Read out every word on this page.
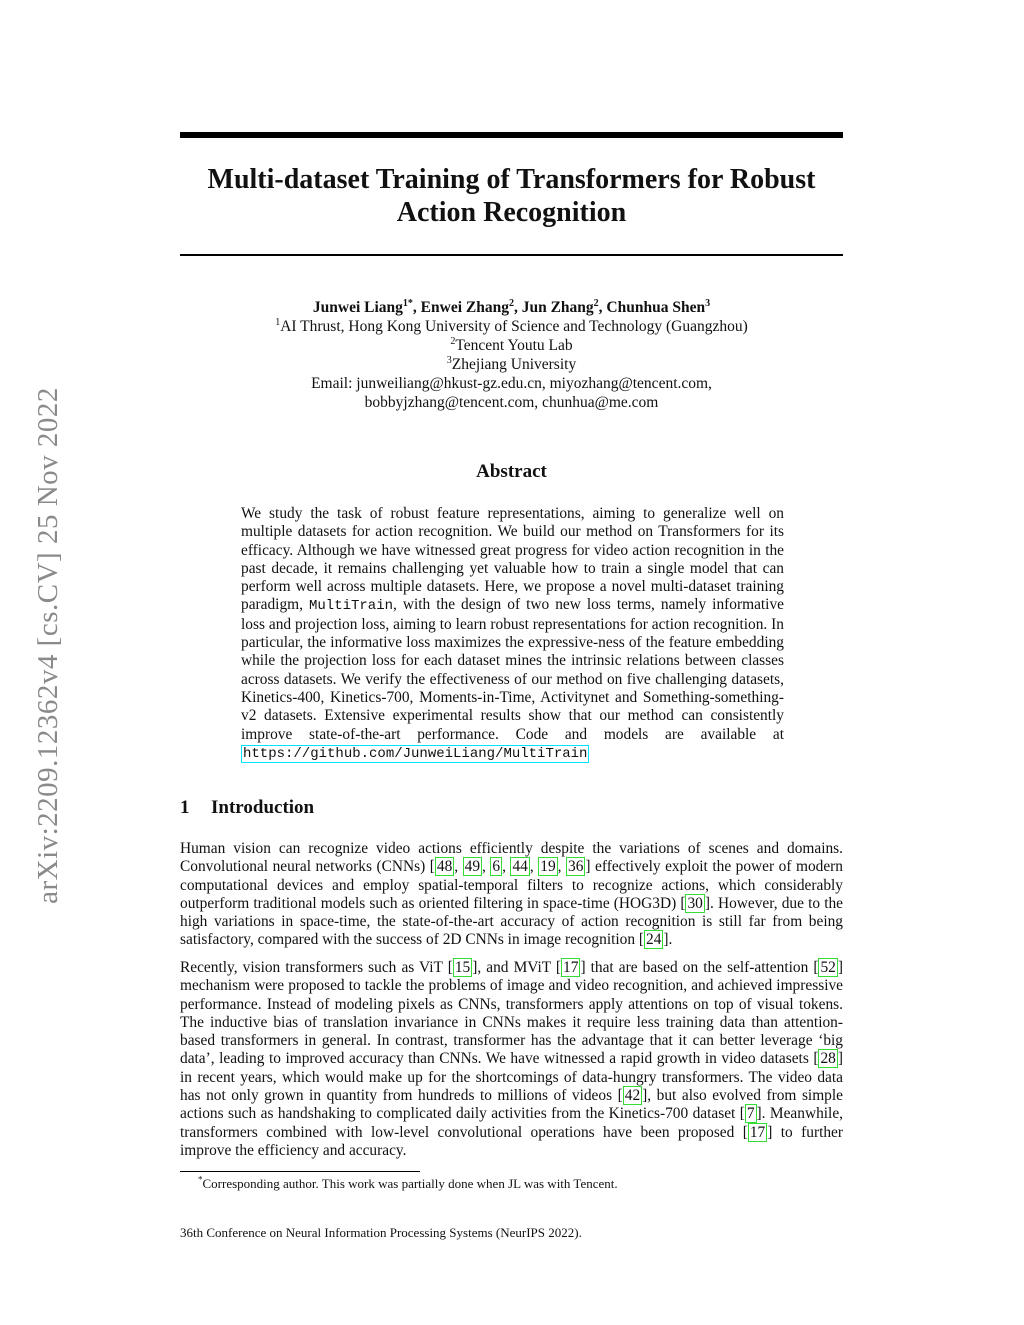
arXiv:2209.12362v4 [cs.CV] 25 Nov 2022
Multi-dataset Training of Transformers for Robust
Action Recognition
Junwei Liang$^{1*}$, Enwei Zhang$^2$, Jun Zhang$^2$, Chunhua Shen$^3$
$^1$AI Thrust, Hong Kong University of Science and Technology (Guangzhou)
$^2$Tencent Youtu Lab
$^3$Zhejiang University
Email: junweiliang@hkust-gz.edu.cn, miyozhang@tencent.com,
bobbyjzhang@tencent.com, chunhua@me.com
Abstract

We study the task of robust feature representations, aiming to generalize well on multiple datasets for action recognition. We build our method on Transformers for its efficacy. Although we have witnessed great progress for video action recognition in the past decade, it remains challenging yet valuable how to train a single model that can perform well across multiple datasets. Here, we propose a novel multi-dataset training paradigm, MultiTrain, with the design of two new loss terms, namely informative loss and projection loss, aiming to learn robust representations for action recognition. In particular, the informative loss maximizes the expressive-ness of the feature embedding while the projection loss for each dataset mines the intrinsic relations between classes across datasets. We verify the effectiveness of our method on five challenging datasets, Kinetics-400, Kinetics-700, Moments-in-Time, Activitynet and Something-something-v2 datasets. Extensive experimental results show that our method can consistently improve state-of-the-art performance. Code and models are available at https://github.com/JunweiLiang/MultiTrain

1 Introduction

Human vision can recognize video actions efficiently despite the variations of scenes and domains. Convolutional neural networks (CNNs) [ 48 , 49 , 6 , 44 , 19 , 36 ] effectively exploit the power of modern computational devices and employ spatial-temporal filters to recognize actions, which considerably outperform traditional models such as oriented filtering in space-time (HOG3D) [ 30 ]. However, due to the high variations in space-time, the state-of-the-art accuracy of action recognition is still far from being satisfactory, compared with the success of 2D CNNs in image recognition [ 24 ].

Recently, vision transformers such as ViT [ 15 ], and MViT [ 17 ] that are based on the self-attention [ 52 ] mechanism were proposed to tackle the problems of image and video recognition, and achieved impressive performance. Instead of modeling pixels as CNNs, transformers apply attentions on top of visual tokens. The inductive bias of translation invariance in CNNs makes it require less training data than attention-based transformers in general. In contrast, transformer has the advantage that it can better leverage ‘big data’, leading to improved accuracy than CNNs. We have witnessed a rapid growth in video datasets [ 28 ] in recent years, which would make up for the shortcomings of data-hungry transformers. The video data has not only grown in quantity from hundreds to millions of videos [ 42 ], but also evolved from simple actions such as handshaking to complicated daily activities from the Kinetics-700 dataset [ 7 ]. Meanwhile, transformers combined with low-level convolutional operations have been proposed [ 17 ] to further improve the efficiency and accuracy.

*Corresponding author. This work was partially done when JL was with Tencent.

36th Conference on Neural Information Processing Systems (NeurIPS 2022).
